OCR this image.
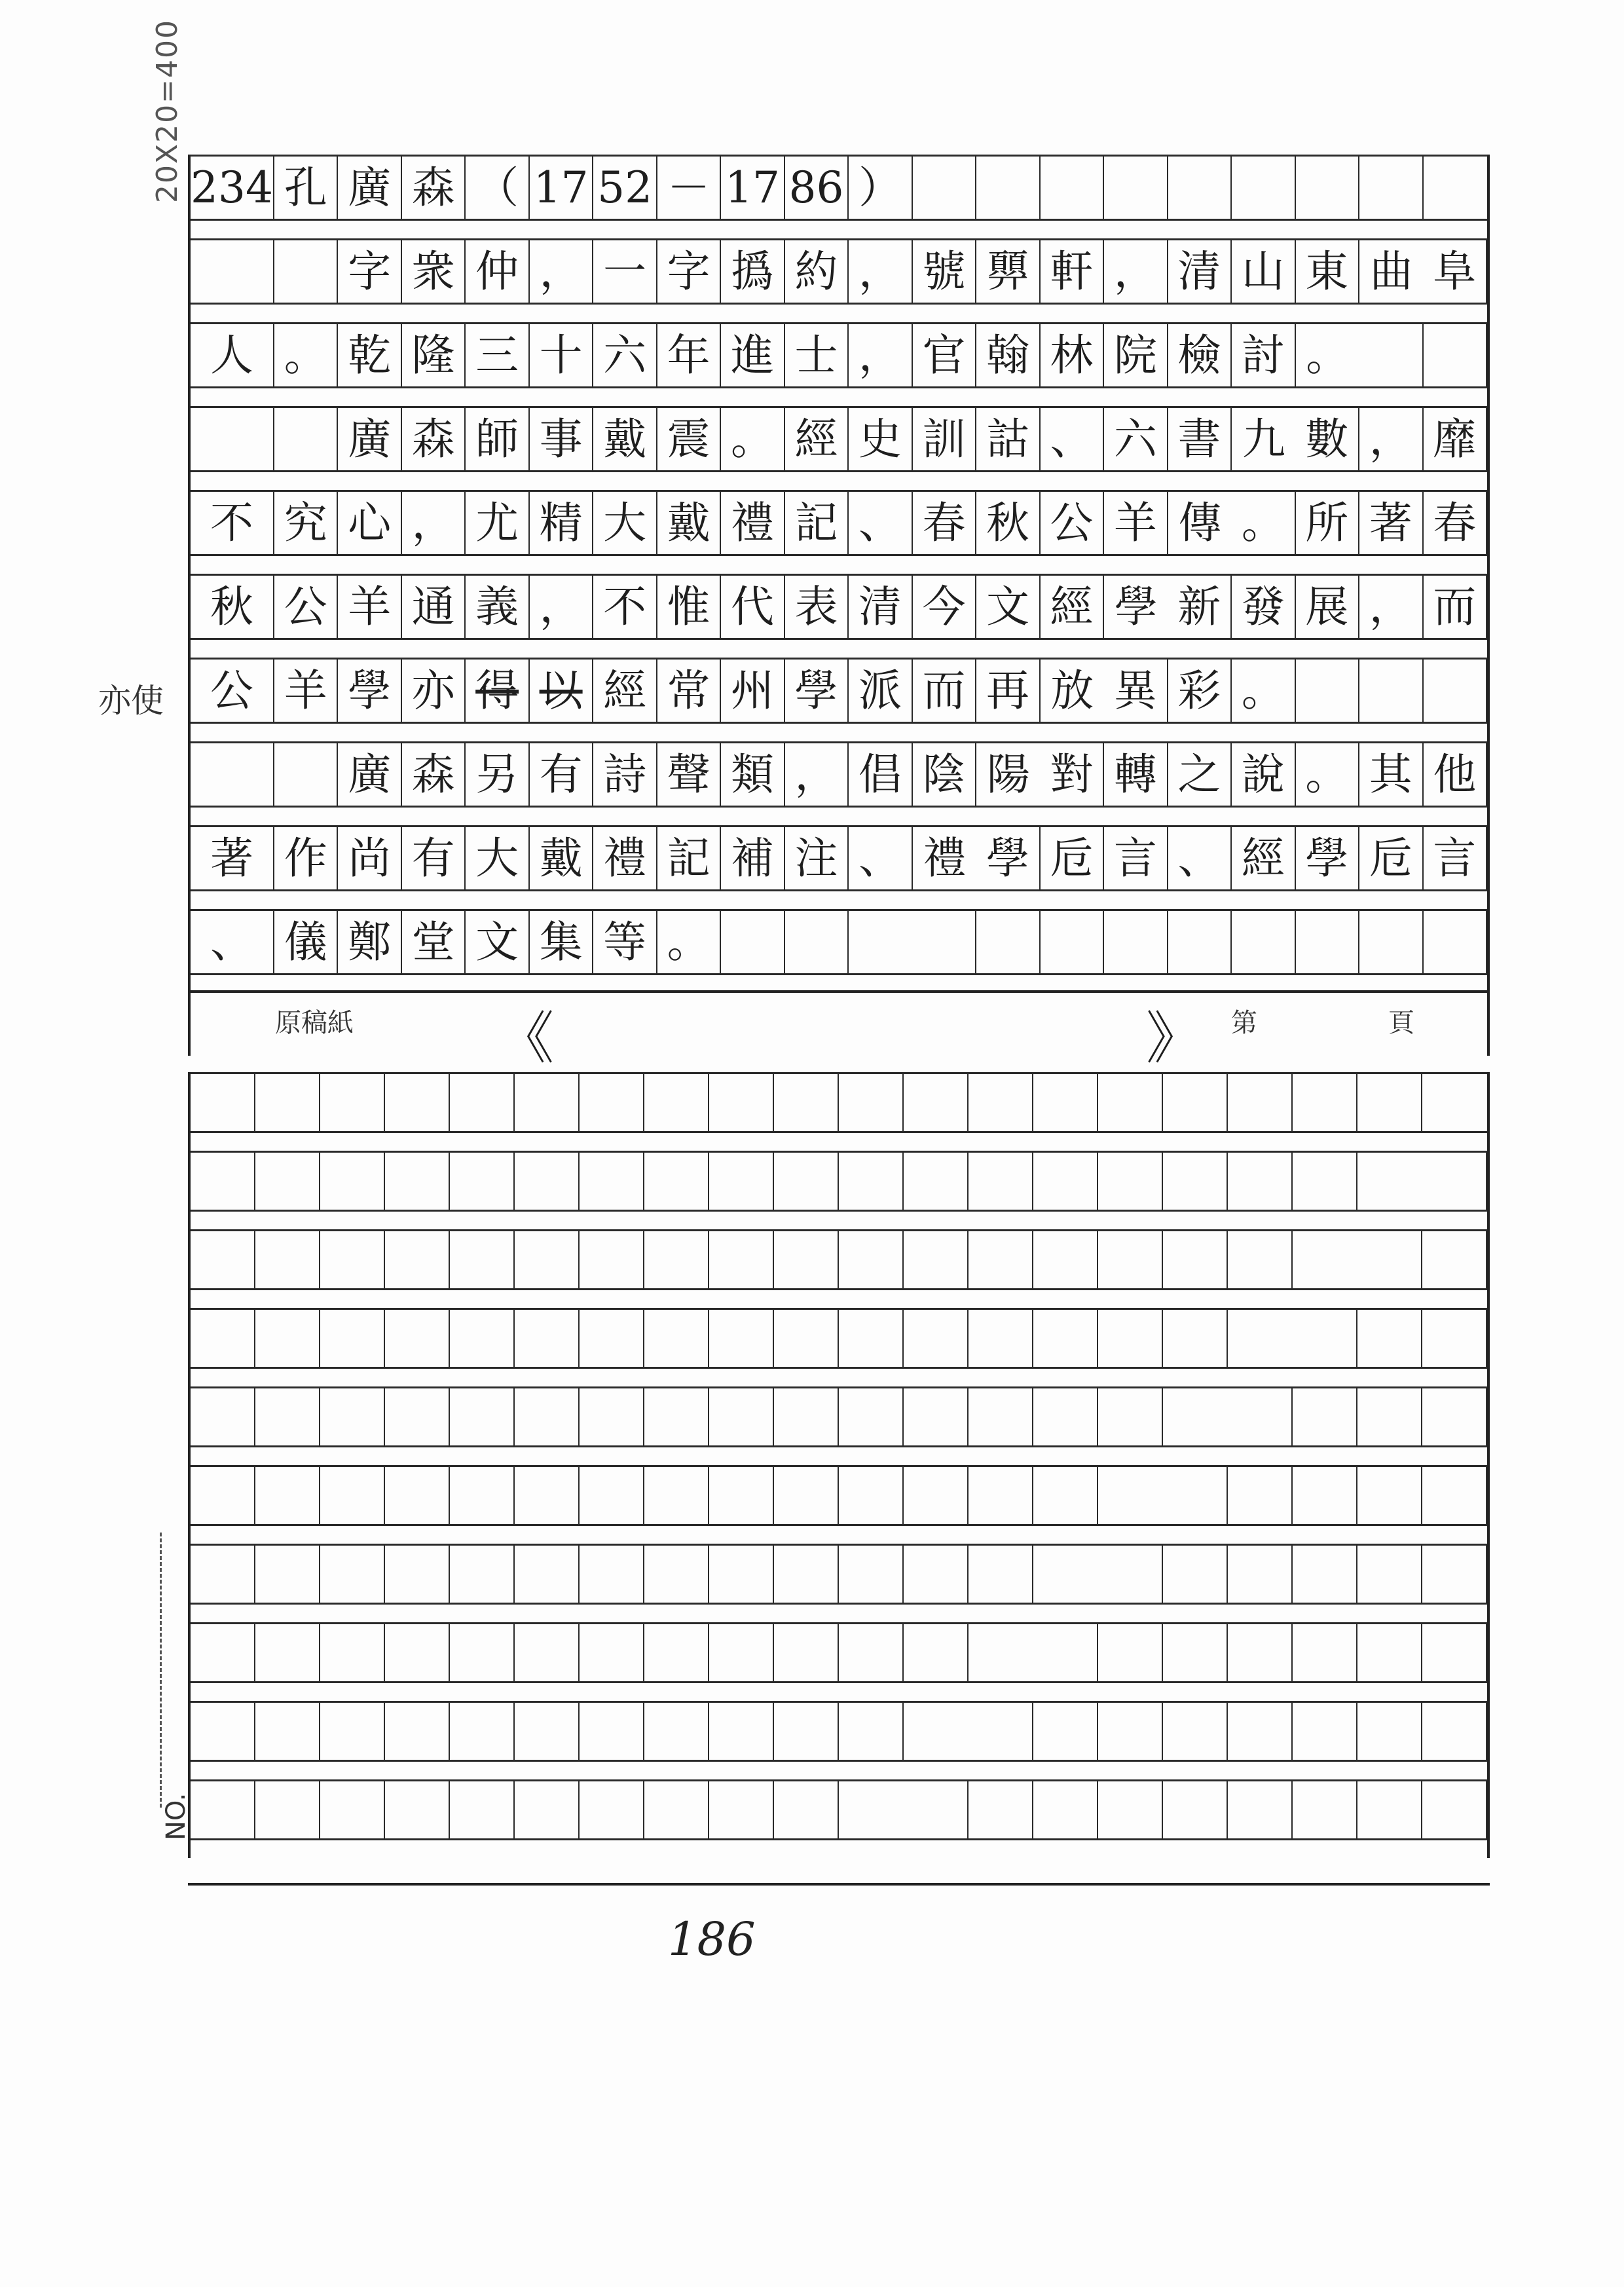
20X20=400
亦使
234 孔 廣 森 （ 17 52 － 17 86 ）
字 衆 仲 ， 一 字 撝 約 ， 號 顨 軒 ， 清 山 東 曲 阜
人 。 乾 隆 三 十 六 年 進 士 ， 官 翰 林 院 檢 討 。
廣 森 師 事 戴 震 。 經 史 訓 詁 、 六 書 九 數 ， 靡
不 究 心 ， 尤 精 大 戴 禮 記 、 春 秋 公 羊 傳 。 所 著 春
秋 公 羊 通 義 ， 不 惟 代 表 清 今 文 經 學 新 發 展 ， 而
公 羊 學 亦 得 以 經 常 州 學 派 而 再 放 異 彩 。
廣 森 另 有 詩 聲 類 ， 倡 陰 陽 對 轉 之 說 。 其 他
著 作 尚 有 大 戴 禮 記 補 注 、 禮 學 卮 言 、 經 學 卮 言
、 儀 鄭 堂 文 集 等 。
原稿紙	《	》 第	頁
NO.
186
